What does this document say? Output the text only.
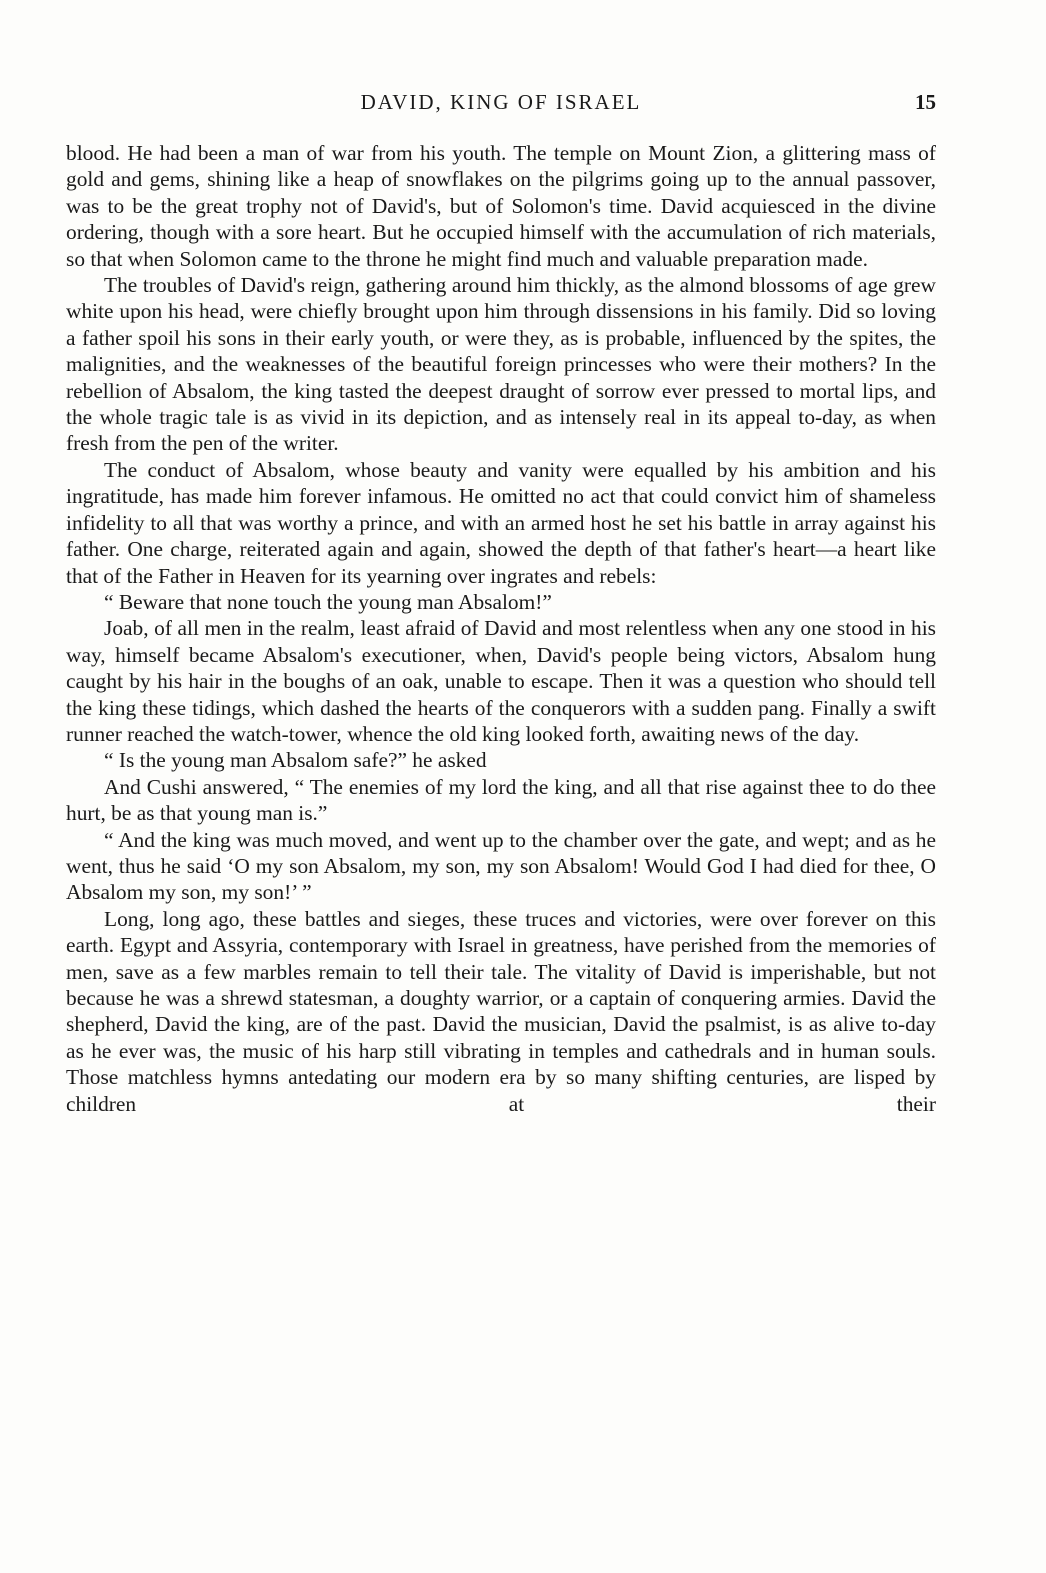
DAVID, KING OF ISRAEL	15

blood. He had been a man of war from his youth. The temple on Mount Zion, a glittering mass of gold and gems, shining like a heap of snowflakes on the pilgrims going up to the annual passover, was to be the great trophy not of David's, but of Solomon's time. David acquiesced in the divine ordering, though with a sore heart. But he occupied himself with the accumulation of rich materials, so that when Solomon came to the throne he might find much and valuable preparation made.

The troubles of David's reign, gathering around him thickly, as the almond blossoms of age grew white upon his head, were chiefly brought upon him through dissensions in his family. Did so loving a father spoil his sons in their early youth, or were they, as is probable, influenced by the spites, the malignities, and the weaknesses of the beautiful foreign princesses who were their mothers? In the rebellion of Absalom, the king tasted the deepest draught of sorrow ever pressed to mortal lips, and the whole tragic tale is as vivid in its depiction, and as intensely real in its appeal to-day, as when fresh from the pen of the writer.

The conduct of Absalom, whose beauty and vanity were equalled by his ambition and his ingratitude, has made him forever infamous. He omitted no act that could convict him of shameless infidelity to all that was worthy a prince, and with an armed host he set his battle in array against his father. One charge, reiterated again and again, showed the depth of that father's heart—a heart like that of the Father in Heaven for its yearning over ingrates and rebels:

“ Beware that none touch the young man Absalom!”

Joab, of all men in the realm, least afraid of David and most relentless when any one stood in his way, himself became Absalom's executioner, when, David's people being victors, Absalom hung caught by his hair in the boughs of an oak, unable to escape. Then it was a question who should tell the king these tidings, which dashed the hearts of the conquerors with a sudden pang. Finally a swift runner reached the watch-tower, whence the old king looked forth, awaiting news of the day.

“ Is the young man Absalom safe?” he asked

And Cushi answered, “ The enemies of my lord the king, and all that rise against thee to do thee hurt, be as that young man is.”

“ And the king was much moved, and went up to the chamber over the gate, and wept; and as he went, thus he said ‘O my son Absalom, my son, my son Absalom! Would God I had died for thee, O Absalom my son, my son!’ ”

Long, long ago, these battles and sieges, these truces and victories, were over forever on this earth. Egypt and Assyria, contemporary with Israel in greatness, have perished from the memories of men, save as a few marbles remain to tell their tale. The vitality of David is imperishable, but not because he was a shrewd statesman, a doughty warrior, or a captain of conquering armies. David the shepherd, David the king, are of the past. David the musician, David the psalmist, is as alive to-day as he ever was, the music of his harp still vibrating in temples and cathedrals and in human souls. Those matchless hymns antedating our modern era by so many shifting centuries, are lisped by children at their
